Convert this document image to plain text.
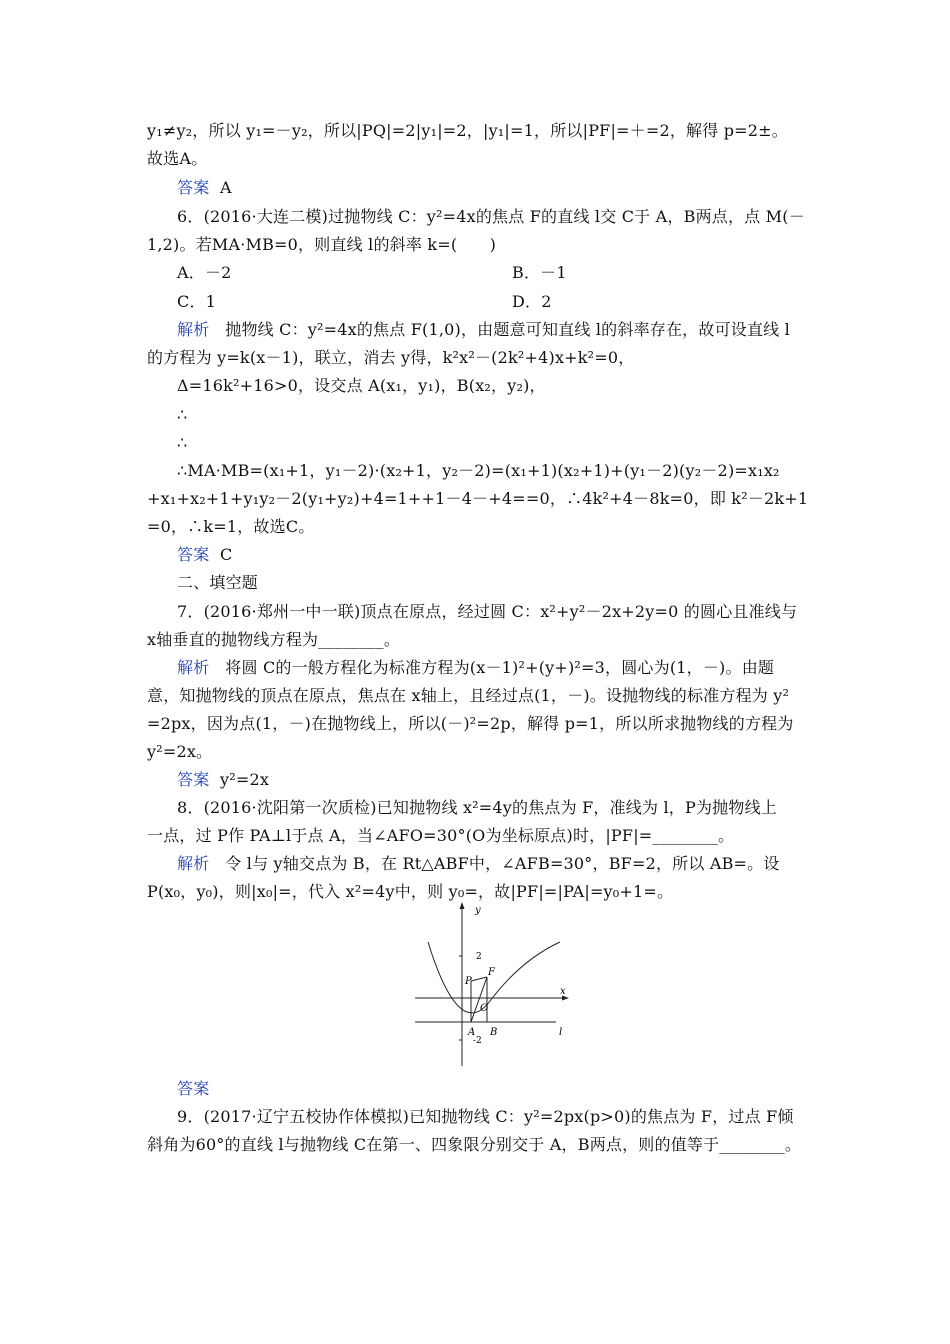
y₁≠y₂，所以 y₁=－y₂，所以|PQ|=2|y₁|=2，|y₁|=1，所以|PF|=＋=2，解得 p=2±。
故选A。
答案 A
6．(2016·大连二模)过抛物线 C：y²=4x的焦点 F的直线 l交 C于 A，B两点，点 M(－
1,2)。若MA·MB=0，则直线 l的斜率 k=(　　)
A．－2	B．－1
C．1	D．2
解析 抛物线 C：y²=4x的焦点 F(1,0)，由题意可知直线 l的斜率存在，故可设直线 l
的方程为 y=k(x－1)，联立，消去 y得，k²x²－(2k²+4)x+k²=0，
Δ=16k²+16>0，设交点 A(x₁，y₁)，B(x₂，y₂)，
∴
∴
∴MA·MB=(x₁+1，y₁－2)·(x₂+1，y₂－2)=(x₁+1)(x₂+1)+(y₁－2)(y₂－2)=x₁x₂
+x₁+x₂+1+y₁y₂－2(y₁+y₂)+4=1++1－4－+4==0，∴4k²+4－8k=0，即 k²－2k+1
=0，∴k=1，故选C。
答案 C
二、填空题
7．(2016·郑州一中一联)顶点在原点，经过圆 C：x²+y²－2x+2y=0 的圆心且准线与
x轴垂直的抛物线方程为________。
解析 将圆 C的一般方程化为标准方程为(x－1)²+(y+)²=3，圆心为(1，－)。由题
意，知抛物线的顶点在原点，焦点在 x轴上，且经过点(1，－)。设抛物线的标准方程为 y²
=2px，因为点(1，－)在抛物线上，所以(－)²=2p，解得 p=1，所以所求抛物线的方程为
y²=2x。
答案 y²=2x
8．(2016·沈阳第一次质检)已知抛物线 x²=4y的焦点为 F，准线为 l，P为抛物线上
一点，过 P作 PA⊥l于点 A，当∠AFO=30°(O为坐标原点)时，|PF|=________。
解析 令 l与 y轴交点为 B，在 Rt△ABF中，∠AFB=30°，BF=2，所以 AB=。设
P(x₀，y₀)，则|x₀|=，代入 x²=4y中，则 y₀=，故|PF|=|PA|=y₀+1=。
y
x
2
-2
O
P
F
A B	l
答案
9．(2017·辽宁五校协作体模拟)已知抛物线 C：y²=2px(p>0)的焦点为 F，过点 F倾
斜角为60°的直线 l与抛物线 C在第一、四象限分别交于 A，B两点，则的值等于________。
